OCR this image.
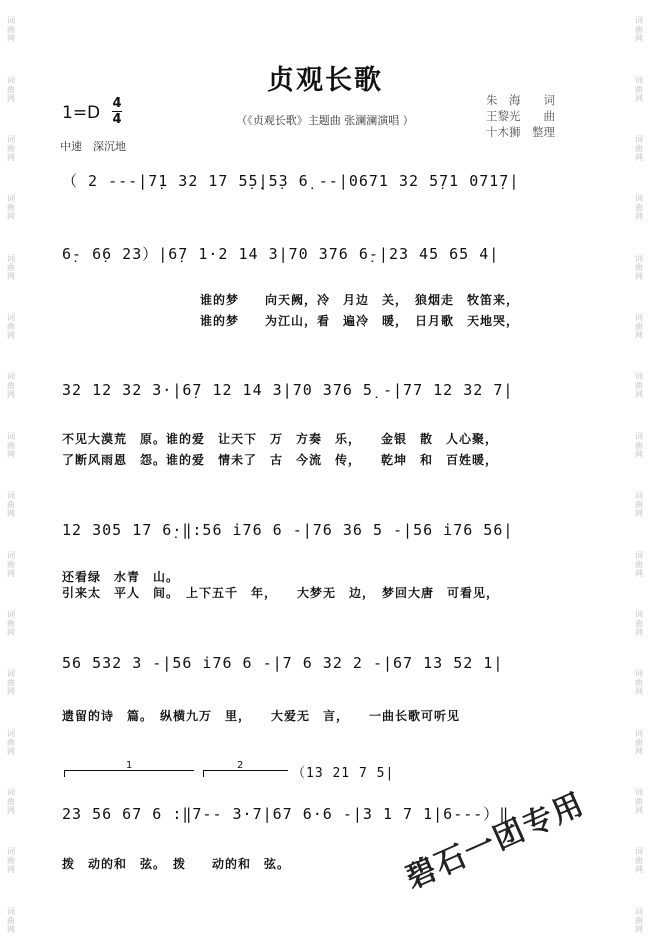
词
曲
网
词
曲
网
词
曲
网
词
曲
网
词
曲
网
词
曲
网
词
曲
网
词
曲
网
词
曲
网
词
曲
网
词
曲
网
词
曲
网
词
曲
网
词
曲
网
词
曲
网
词
曲
网
词
曲
网
词
曲
网
词
曲
网
词
曲
网
词
曲
网
词
曲
网
词
曲
网
词
曲
网
词
曲
网
词
曲
网
词
曲
网
词
曲
网
词
曲
网
词
曲
网
词
曲
网
词
曲
网
贞观长歌
（《贞观长歌》主题曲 张澜澜演唱 ）
朱　海　　词
王黎光　　曲
十木狮　整理
1=D 4
4
中速　深沉地
（ 2 ---|7̣1 32 17 5̣5̣|5̣3 6̣ --|0671 32 5̣71 071̣7|
6̣- 6̣6 23）|6̣7 1·2 14 3|70 376 6̣-|23 45 65 4|
谁的梦　　向天阙，冷　月边　关，　狼烟走　牧笛来，
谁的梦　　为江山，看　遍冷　暖，　日月歌　天地哭，
32 12 32 3·|6̣7 12 14 3|70 376 5̣ -|77 12 32 7|
不见大漠荒　原。谁的爱　让天下　万　方奏　乐，　　金银　散　人心聚，
了断风雨恩　怨。谁的爱　情未了　古　今流　传，　　乾坤　和　百姓暖，
12 305 17 6̣·‖:56 i76 6 -|76 36 5 -|56 i76 56|
还看绿　水青　山。
引来太　平人　间。　上下五千　年，　　大梦无　边，　梦回大唐　可看见，
56 532 3 -|56 i76 6 -|7 6 32 2 -|67 13 52 1|
遗留的诗　篇。　纵横九万　里，　　大爱无　言，　　一曲长歌可听见
1	2
（13 21 7 5|
23 56 67 6 :‖7-- 3·7|67 6·6 -|3 1 7 1|6---）‖
拨　动的和　弦。　拨　　动的和　弦。	碧石一团专用
